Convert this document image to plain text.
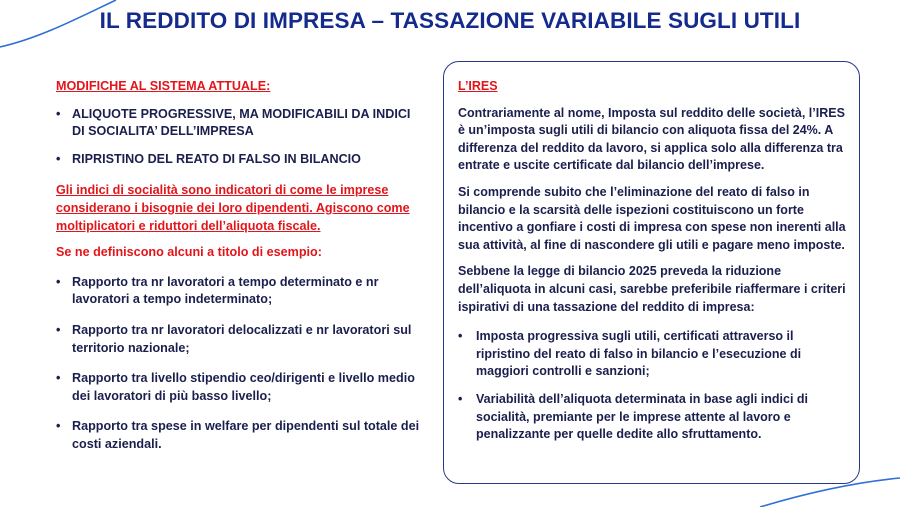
IL REDDITO DI IMPRESA – TASSAZIONE VARIABILE SUGLI UTILI
MODIFICHE AL SISTEMA ATTUALE:
• ALIQUOTE PROGRESSIVE, MA MODIFICABILI DA INDICI DI SOCIALITA’ DELL’IMPRESA
• RIPRISTINO DEL REATO DI FALSO IN BILANCIO
Gli indici di socialità sono indicatori di come le imprese considerano i bisognie dei loro dipendenti. Agiscono come moltiplicatori e riduttori dell’aliquota fiscale.
Se ne definiscono alcuni a titolo di esempio:
• Rapporto tra nr lavoratori a tempo determinato e nr lavoratori a tempo indeterminato;
• Rapporto tra nr lavoratori delocalizzati e nr lavoratori sul territorio nazionale;
• Rapporto tra livello stipendio ceo/dirigenti e livello medio dei lavoratori di più basso livello;
• Rapporto tra spese in welfare per dipendenti sul totale dei costi aziendali.
L’IRES
Contrariamente al nome, Imposta sul reddito delle società, l’IRES è un’imposta sugli utili di bilancio con aliquota fissa del 24%. A differenza del reddito da lavoro, si applica solo alla differenza tra entrate e uscite certificate dal bilancio dell’imprese.
Si comprende subito che l’eliminazione del reato di falso in bilancio e la scarsità delle ispezioni costituiscono un forte incentivo a gonfiare i costi di impresa con spese non inerenti alla sua attività, al fine di nascondere gli utili e pagare meno imposte.
Sebbene la legge di bilancio 2025 preveda la riduzione dell’aliquota in alcuni casi, sarebbe preferibile riaffermare i criteri ispirativi di una tassazione del reddito di impresa:
• Imposta progressiva sugli utili, certificati attraverso il ripristino del reato di falso in bilancio e l’esecuzione di maggiori controlli e sanzioni;
• Variabilità dell’aliquota determinata in base agli indici di socialità, premiante per le imprese attente al lavoro e penalizzante per quelle dedite allo sfruttamento.
